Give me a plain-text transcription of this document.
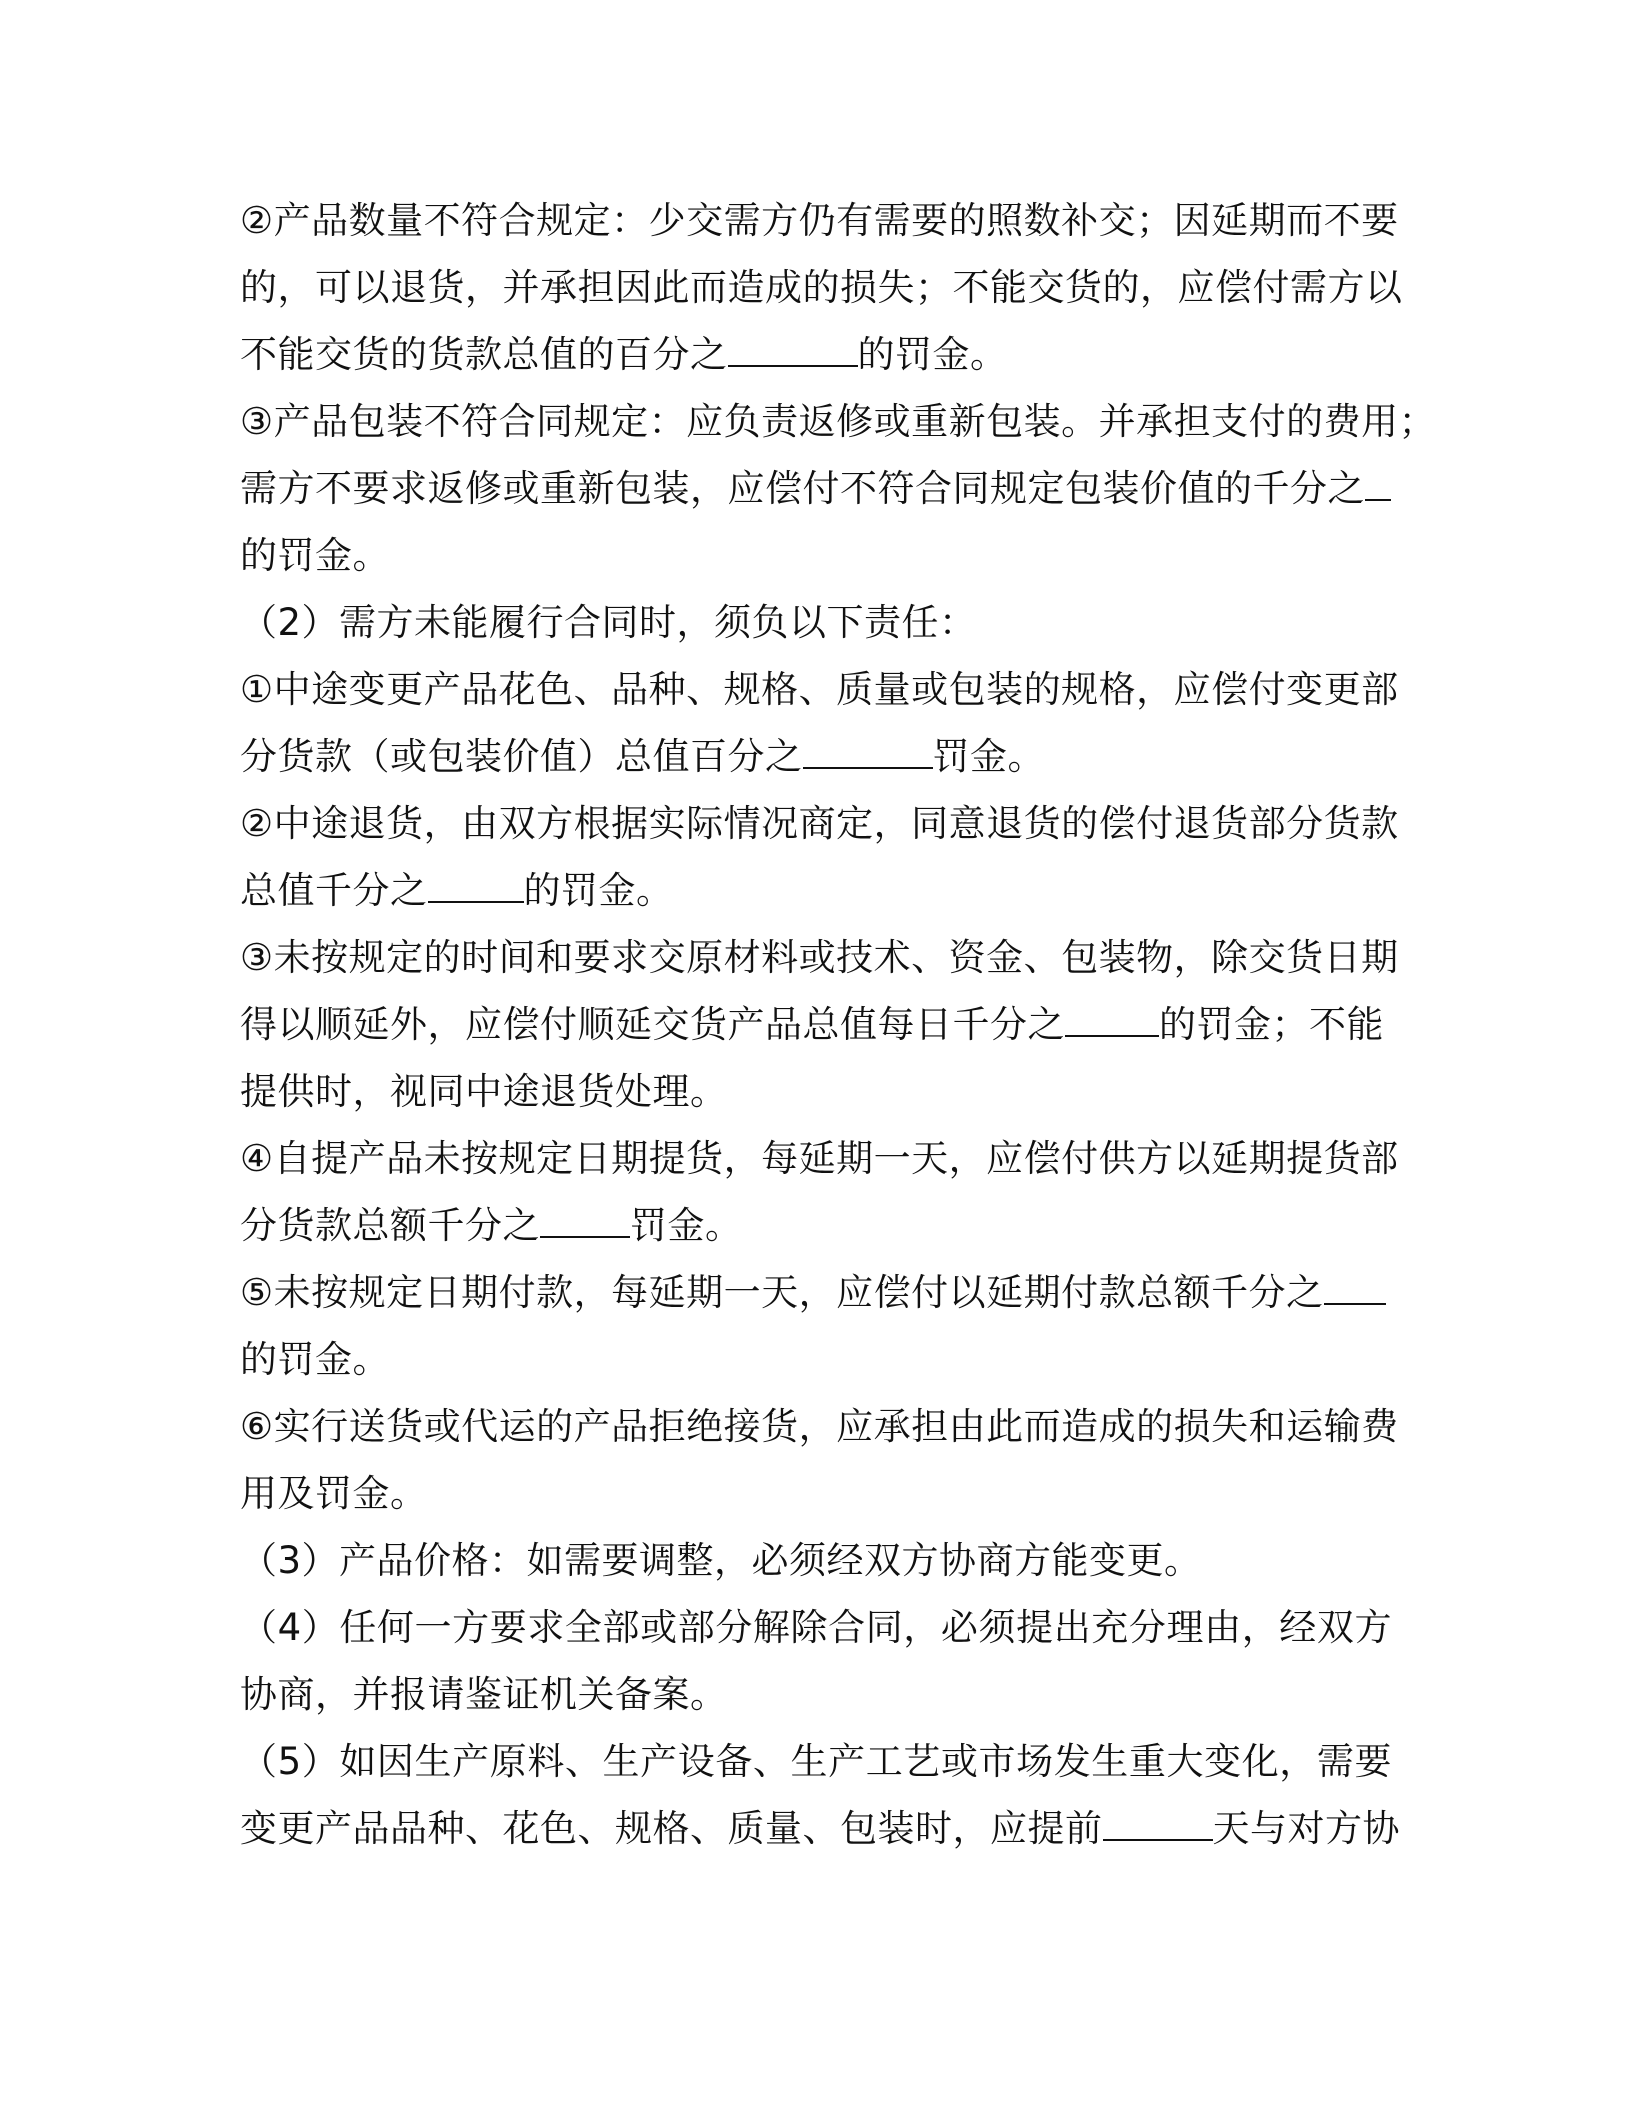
②产品数量不符合规定：少交需方仍有需要的照数补交；因延期而不要
的，可以退货，并承担因此而造成的损失；不能交货的，应偿付需方以
不能交货的货款总值的百分之	的罚金。
③产品包装不符合同规定：应负责返修或重新包装。并承担支付的费用；
需方不要求返修或重新包装，应偿付不符合同规定包装价值的千分之
的罚金。
（2）需方未能履行合同时，须负以下责任：
①中途变更产品花色、品种、规格、质量或包装的规格，应偿付变更部
分货款（或包装价值）总值百分之	罚金。
②中途退货，由双方根据实际情况商定，同意退货的偿付退货部分货款
总值千分之	的罚金。
③未按规定的时间和要求交原材料或技术、资金、包装物，除交货日期
得以顺延外，应偿付顺延交货产品总值每日千分之	的罚金；不能
提供时，视同中途退货处理。
④自提产品未按规定日期提货，每延期一天，应偿付供方以延期提货部
分货款总额千分之 罚金。
⑤未按规定日期付款，每延期一天，应偿付以延期付款总额千分之
的罚金。
⑥实行送货或代运的产品拒绝接货，应承担由此而造成的损失和运输费
用及罚金。
（3）产品价格：如需要调整，必须经双方协商方能变更。
（4）任何一方要求全部或部分解除合同，必须提出充分理由，经双方
协商，并报请鉴证机关备案。
（5）如因生产原料、生产设备、生产工艺或市场发生重大变化，需要
变更产品品种、花色、规格、质量、包装时，应提前	天与对方协
